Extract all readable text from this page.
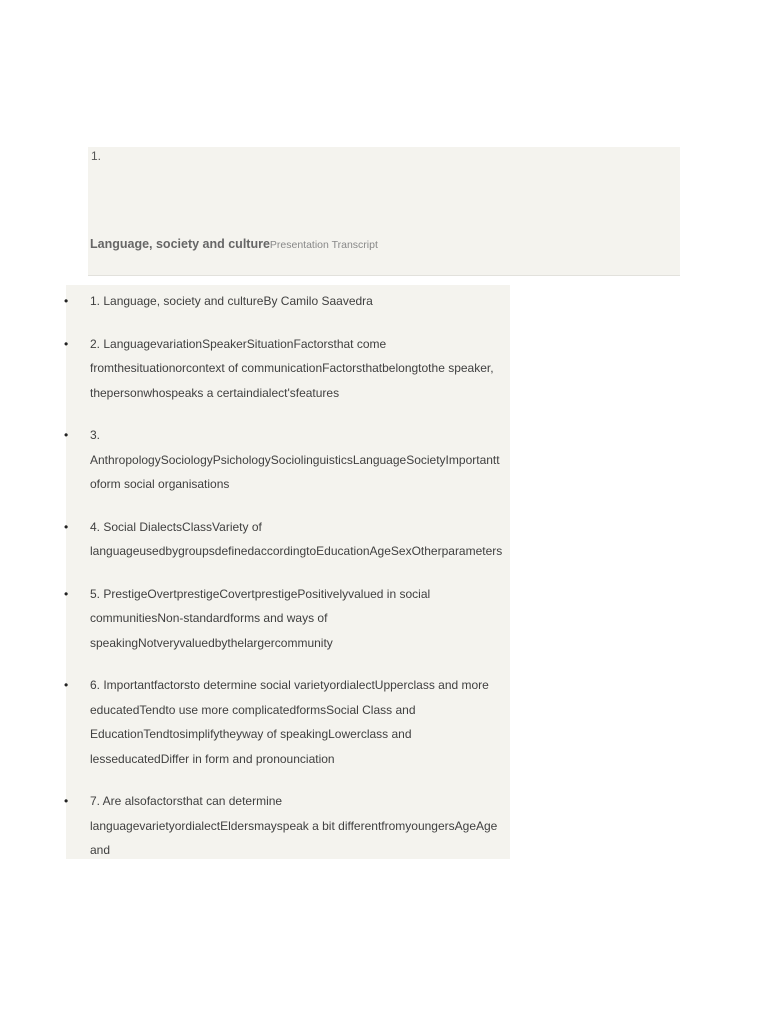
1.
Language, society and culturePresentation Transcript
• 1. Language, society and cultureBy Camilo Saavedra
• 2. LanguagevariationSpeakerSituationFactorsthat come fromthesituationorcontext of communicationFactorsthatbelongtothe speaker, thepersonwhospeaks a certaindialect'sfeatures
• 3. AnthropologySociologyPsichologySociolinguisticsLanguageSocietyImportanttoform social organisations
• 4. Social DialectsClassVariety of languageusedbygroupsdefinedaccordingtoEducationAgeSexOtherparameters
• 5. PrestigeOvertprestigeCovertprestigePositivelyvalued in social communitiesNon-standardforms and ways of speakingNotveryvaluedbythelargercommunity
• 6. Importantfactorsto determine social varietyordialectUpperclass and more educatedTendto use more complicatedformsSocial Class and EducationTendtosimplifytheyway of speakingLowerclass and lesseducatedDiffer in form and pronounciation
• 7. Are alsofactorsthat can determine languagevarietyordialectEldersmayspeak a bit differentfromyoungersAgeAge and
